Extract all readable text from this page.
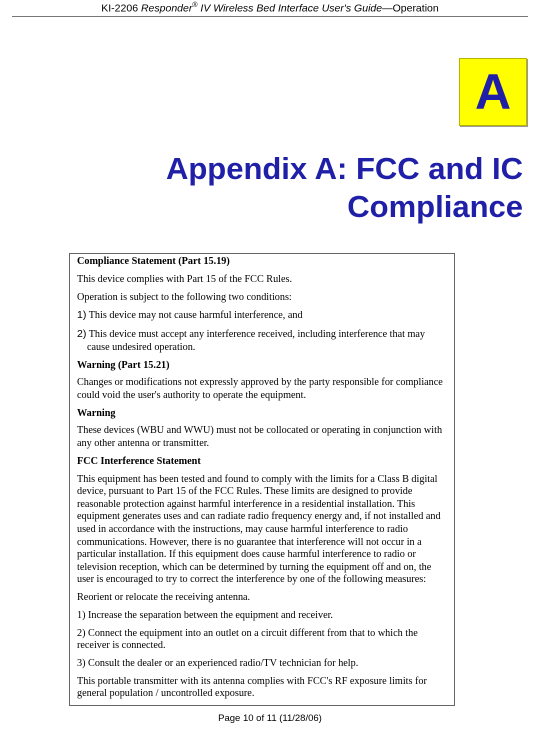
KI-2206 Responder® IV Wireless Bed Interface User's Guide—Operation
A
Appendix A: FCC and IC
Compliance

Compliance Statement (Part 15.19)

This device complies with Part 15 of the FCC Rules.

Operation is subject to the following two conditions:

1) This device may not cause harmful interference, and

2) This device must accept any interference received, including interference that may cause undesired operation.

Warning (Part 15.21)

Changes or modifications not expressly approved by the party responsible for compliance could void the user's authority to operate the equipment.

Warning

These devices (WBU and WWU) must not be collocated or operating in conjunction with any other antenna or transmitter.

FCC Interference Statement

This equipment has been tested and found to comply with the limits for a Class B digital device, pursuant to Part 15 of the FCC Rules. These limits are designed to provide reasonable protection against harmful interference in a residential installation. This equipment generates uses and can radiate radio frequency energy and, if not installed and used in accordance with the instructions, may cause harmful interference to radio communications. However, there is no guarantee that interference will not occur in a particular installation. If this equipment does cause harmful interference to radio or television reception, which can be determined by turning the equipment off and on, the user is encouraged to try to correct the interference by one of the following measures:

Reorient or relocate the receiving antenna.

1) Increase the separation between the equipment and receiver.

2) Connect the equipment into an outlet on a circuit different from that to which the receiver is connected.

3) Consult the dealer or an experienced radio/TV technician for help.

This portable transmitter with its antenna complies with FCC's RF exposure limits for general population / uncontrolled exposure.

Page 10 of 11 (11/28/06)
